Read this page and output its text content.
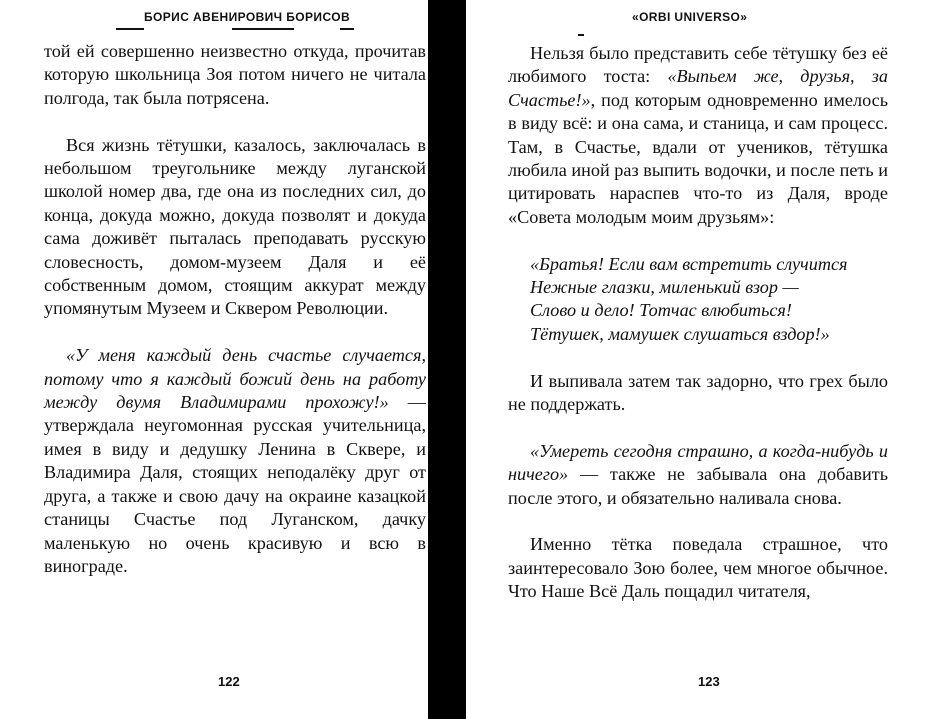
БОРИС АВЕНИРОВИЧ БОРИСОВ

той ей совершенно неизвестно откуда, прочитав которую школьница Зоя потом ничего не читала полгода, так была потрясена.

Вся жизнь тётушки, казалось, заключалась в небольшом треугольнике между луганской школой номер два, где она из последних сил, до конца, докуда можно, докуда позволят и докуда сама доживёт пыталась преподавать русскую словесность, домом-музеем Даля и её собственным домом, стоящим аккурат между упомянутым Музеем и Сквером Революции.

«У меня каждый день счастье случается, потому что я каждый божий день на работу между двумя Владимирами прохожу!» — утверждала неугомонная русская учительница, имея в виду и дедушку Ленина в Сквере, и Владимира Даля, стоящих неподалёку друг от друга, а также и свою дачу на окраине казацкой станицы Счастье под Луганском, дачку маленькую но очень красивую и всю в винограде.

122
«ORBI UNIVERSO»

Нельзя было представить себе тётушку без её любимого тоста: «Выпьем же, друзья, за Счастье!», под которым одновременно имелось в виду всё: и она сама, и станица, и сам процесс. Там, в Счастье, вдали от учеников, тётушка любила иной раз выпить водочки, и после петь и цитировать нараспев что-то из Даля, вроде «Совета молодым моим друзьям»:

«Братья! Если вам встретить случится
Нежные глазки, миленький взор —
Слово и дело! Тотчас влюбиться!
Тётушек, мамушек слушаться вздор!»

И выпивала затем так задорно, что грех было не поддержать.

«Умереть сегодня страшно, а когда-нибудь и ничего» — также не забывала она добавить после этого, и обязательно наливала снова.

Именно тётка поведала страшное, что заинтересовало Зою более, чем многое обычное. Что Наше Всё Даль пощадил читателя,

123
